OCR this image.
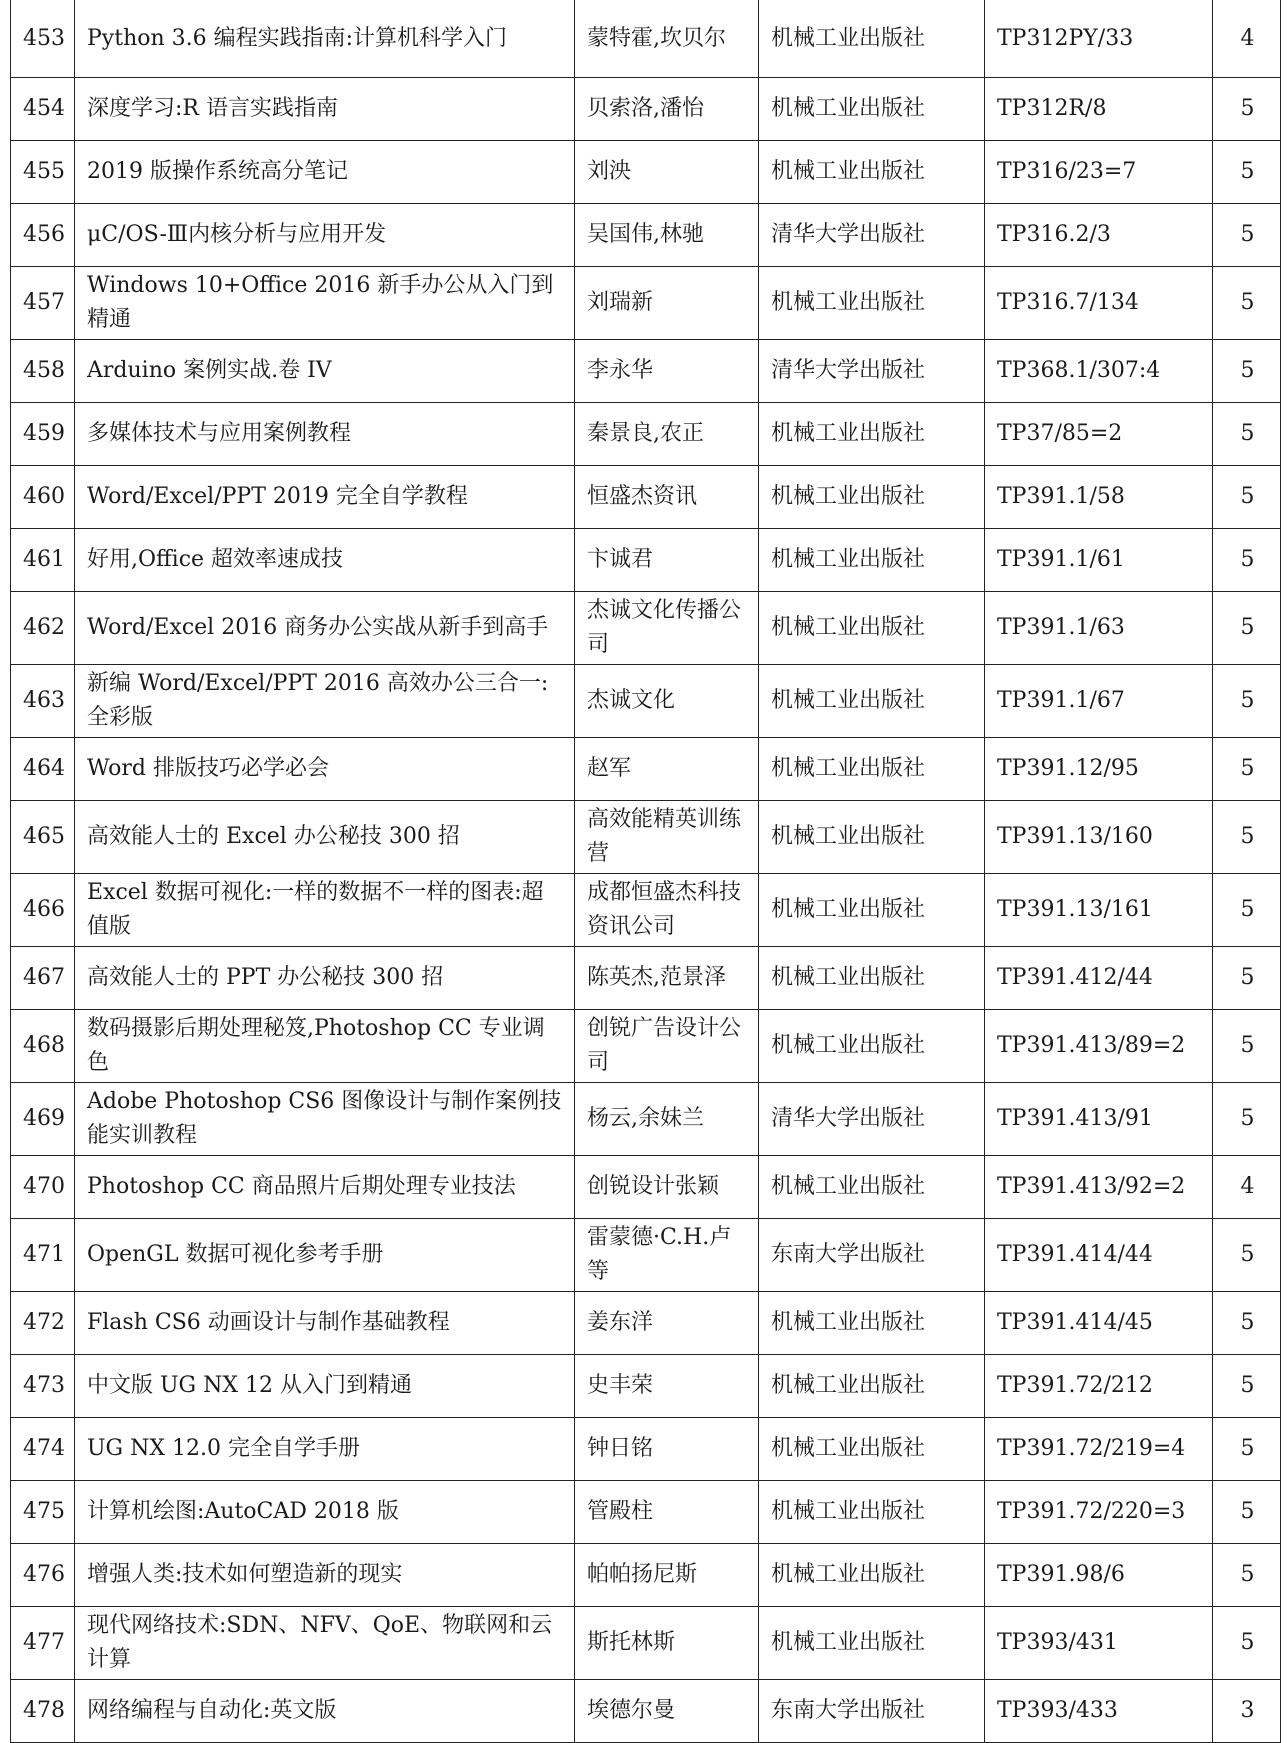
453	Python 3.6 编程实践指南:计算机科学入门	蒙特霍,坎贝尔	机械工业出版社	TP312PY/33	4
454	深度学习:R 语言实践指南	贝索洛,潘怡	机械工业出版社	TP312R/8	5
455	2019 版操作系统高分笔记	刘泱	机械工业出版社	TP316/23=7	5
456	μC/OS-Ⅲ内核分析与应用开发	吴国伟,林驰	清华大学出版社	TP316.2/3	5
457	Windows 10+Office 2016 新手办公从入门到精通	刘瑞新	机械工业出版社	TP316.7/134	5
458	Arduino 案例实战.卷 IV	李永华	清华大学出版社	TP368.1/307:4	5
459	多媒体技术与应用案例教程	秦景良,农正	机械工业出版社	TP37/85=2	5
460	Word/Excel/PPT 2019 完全自学教程	恒盛杰资讯	机械工业出版社	TP391.1/58	5
461	好用,Office 超效率速成技	卞诚君	机械工业出版社	TP391.1/61	5
462	Word/Excel 2016 商务办公实战从新手到高手	杰诚文化传播公司	机械工业出版社	TP391.1/63	5
463	新编 Word/Excel/PPT 2016 高效办公三合一:全彩版	杰诚文化	机械工业出版社	TP391.1/67	5
464	Word 排版技巧必学必会	赵军	机械工业出版社	TP391.12/95	5
465	高效能人士的 Excel 办公秘技 300 招	高效能精英训练营	机械工业出版社	TP391.13/160	5
466	Excel 数据可视化:一样的数据不一样的图表:超值版	成都恒盛杰科技资讯公司	机械工业出版社	TP391.13/161	5
467	高效能人士的 PPT 办公秘技 300 招	陈英杰,范景泽	机械工业出版社	TP391.412/44	5
468	数码摄影后期处理秘笈,Photoshop CC 专业调色	创锐广告设计公司	机械工业出版社	TP391.413/89=2	5
469	Adobe Photoshop CS6 图像设计与制作案例技能实训教程	杨云,余妹兰	清华大学出版社	TP391.413/91	5
470	Photoshop CC 商品照片后期处理专业技法	创锐设计张颖	机械工业出版社	TP391.413/92=2	4
471	OpenGL 数据可视化参考手册	雷蒙德·C.H.卢等	东南大学出版社	TP391.414/44	5
472	Flash CS6 动画设计与制作基础教程	姜东洋	机械工业出版社	TP391.414/45	5
473	中文版 UG NX 12 从入门到精通	史丰荣	机械工业出版社	TP391.72/212	5
474	UG NX 12.0 完全自学手册	钟日铭	机械工业出版社	TP391.72/219=4	5
475	计算机绘图:AutoCAD 2018 版	管殿柱	机械工业出版社	TP391.72/220=3	5
476	增强人类:技术如何塑造新的现实	帕帕扬尼斯	机械工业出版社	TP391.98/6	5
477	现代网络技术:SDN、NFV、QoE、物联网和云计算	斯托林斯	机械工业出版社	TP393/431	5
478	网络编程与自动化:英文版	埃德尔曼	东南大学出版社	TP393/433	3
